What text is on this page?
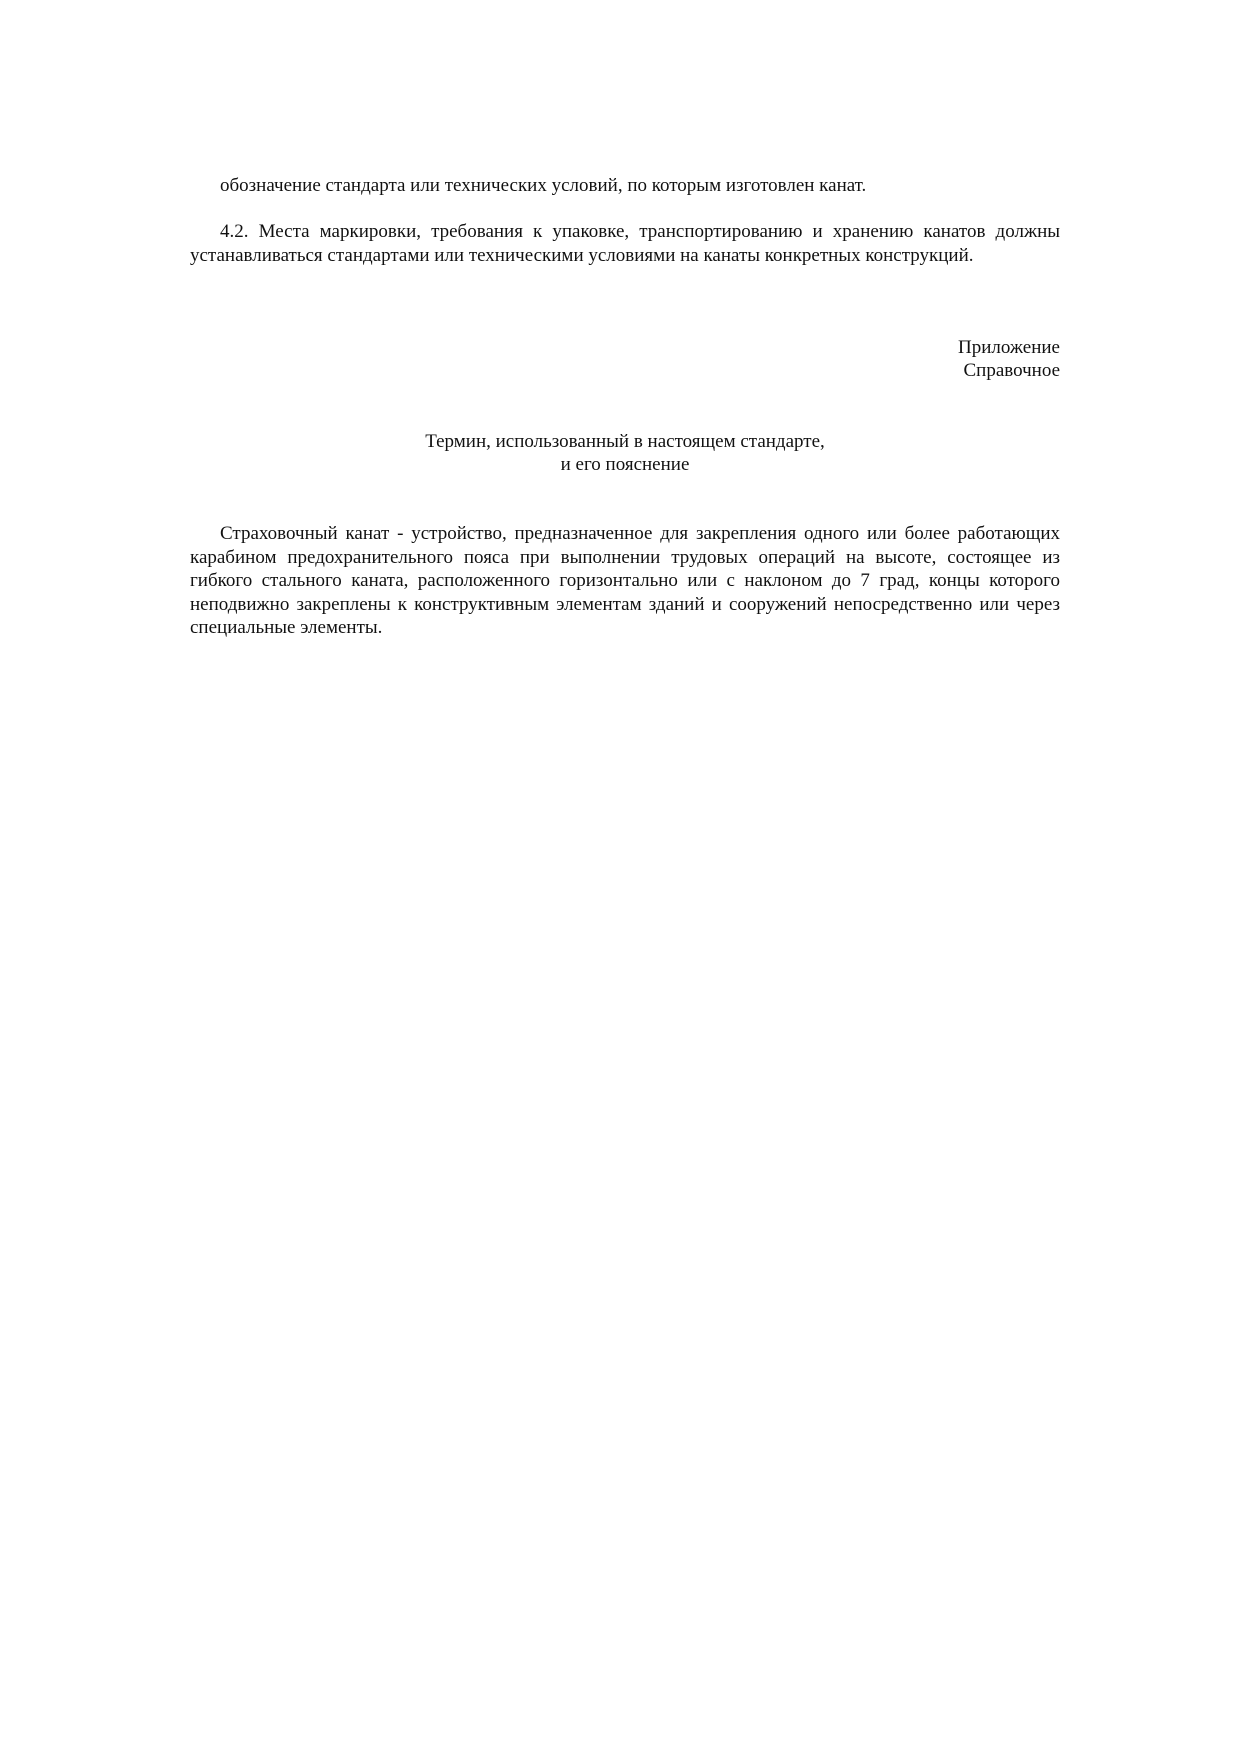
обозначение стандарта или технических условий, по которым изготовлен канат.

4.2. Места маркировки, требования к упаковке, транспортированию и хранению канатов должны устанавливаться стандартами или техническими условиями на канаты конкретных конструкций.

Приложение

Справочное

Термин, использованный в настоящем стандарте,

и его пояснение

Страховочный канат - устройство, предназначенное для закрепления одного или более работающих карабином предохранительного пояса при выполнении трудовых операций на высоте, состоящее из гибкого стального каната, расположенного горизонтально или с наклоном до 7 град, концы которого неподвижно закреплены к конструктивным элементам зданий и сооружений непосредственно или через специальные элементы.
